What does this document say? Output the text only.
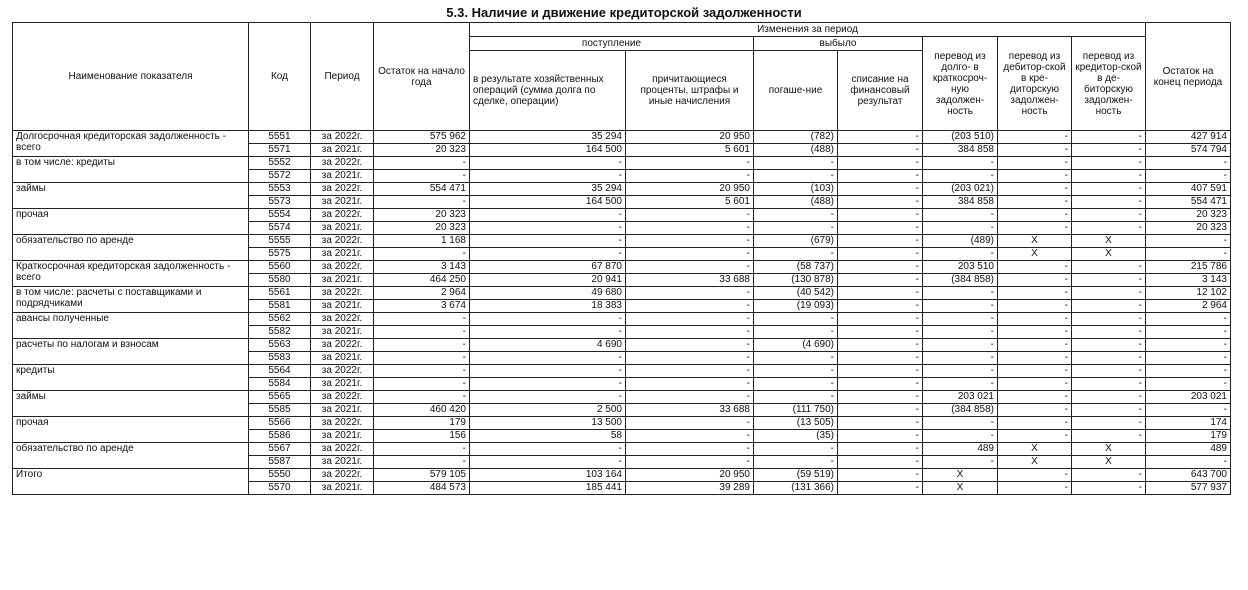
5.3. Наличие и движение кредиторской задолженности
Наименование показателя	Код	Период	Остаток на начало года	Изменения за период							Остаток на конец периода
				поступление		выбыло		перевод из долго- в краткосроч-ную задолжен-ность	перевод из дебитор-ской в кре-диторскую задолжен-ность	перевод из кредитор-ской в де-биторскую задолжен-ность	
				в результате хозяйственных операций (сумма долга по сделке, операции)	причитающиеся проценты, штрафы и иные начисления	погаше-ние	списание на финансовый результат				
Долгосрочная кредиторская задолженность - всего	5551	за 2022г.	575 962	35 294	20 950	(782)	-	(203 510)	-	-	427 914
	5571	за 2021г.	20 323	164 500	5 601	(488)	-	384 858	-	-	574 794
в том числе: кредиты	5552	за 2022г.	-	-	-	-	-	-	-	-	-
	5572	за 2021г.	-	-	-	-	-	-	-	-	-
займы	5553	за 2022г.	554 471	35 294	20 950	(103)	-	(203 021)	-	-	407 591
	5573	за 2021г.	-	164 500	5 601	(488)	-	384 858	-	-	554 471
прочая	5554	за 2022г.	20 323	-	-	-	-	-	-	-	20 323
	5574	за 2021г.	20 323	-	-	-	-	-	-	-	20 323
обязательство по аренде	5555	за 2022г.	1 168	-	-	(679)	-	(489)	X	X	-
	5575	за 2021г.	-	-	-	-	-	-	X	X	-
Краткосрочная кредиторская задолженность - всего	5560	за 2022г.	3 143	67 870	-	(58 737)	-	203 510	-	-	215 786
	5580	за 2021г.	464 250	20 941	33 688	(130 878)	-	(384 858)	-	-	3 143
в том числе: расчеты с поставщиками и подрядчиками	5561	за 2022г.	2 964	49 680	-	(40 542)	-	-	-	-	12 102
	5581	за 2021г.	3 674	18 383	-	(19 093)	-	-	-	-	2 964
авансы полученные	5562	за 2022г.	-	-	-	-	-	-	-	-	-
	5582	за 2021г.	-	-	-	-	-	-	-	-	-
расчеты по налогам и взносам	5563	за 2022г.	-	4 690	-	(4 690)	-	-	-	-	-
	5583	за 2021г.	-	-	-	-	-	-	-	-	-
кредиты	5564	за 2022г.	-	-	-	-	-	-	-	-	-
	5584	за 2021г.	-	-	-	-	-	-	-	-	-
займы	5565	за 2022г.	-	-	-	-	-	203 021	-	-	203 021
	5585	за 2021г.	460 420	2 500	33 688	(111 750)	-	(384 858)	-	-	-
прочая	5566	за 2022г.	179	13 500	-	(13 505)	-	-	-	-	174
	5586	за 2021г.	156	58	-	(35)	-	-	-	-	179
обязательство по аренде	5567	за 2022г.	-	-	-	-	-	489	X	X	489
	5587	за 2021г.	-	-	-	-	-	-	X	X	-
Итого	5550	за 2022г.	579 105	103 164	20 950	(59 519)	-	X	-	-	643 700
	5570	за 2021г.	484 573	185 441	39 289	(131 366)	-	X	-	-	577 937
